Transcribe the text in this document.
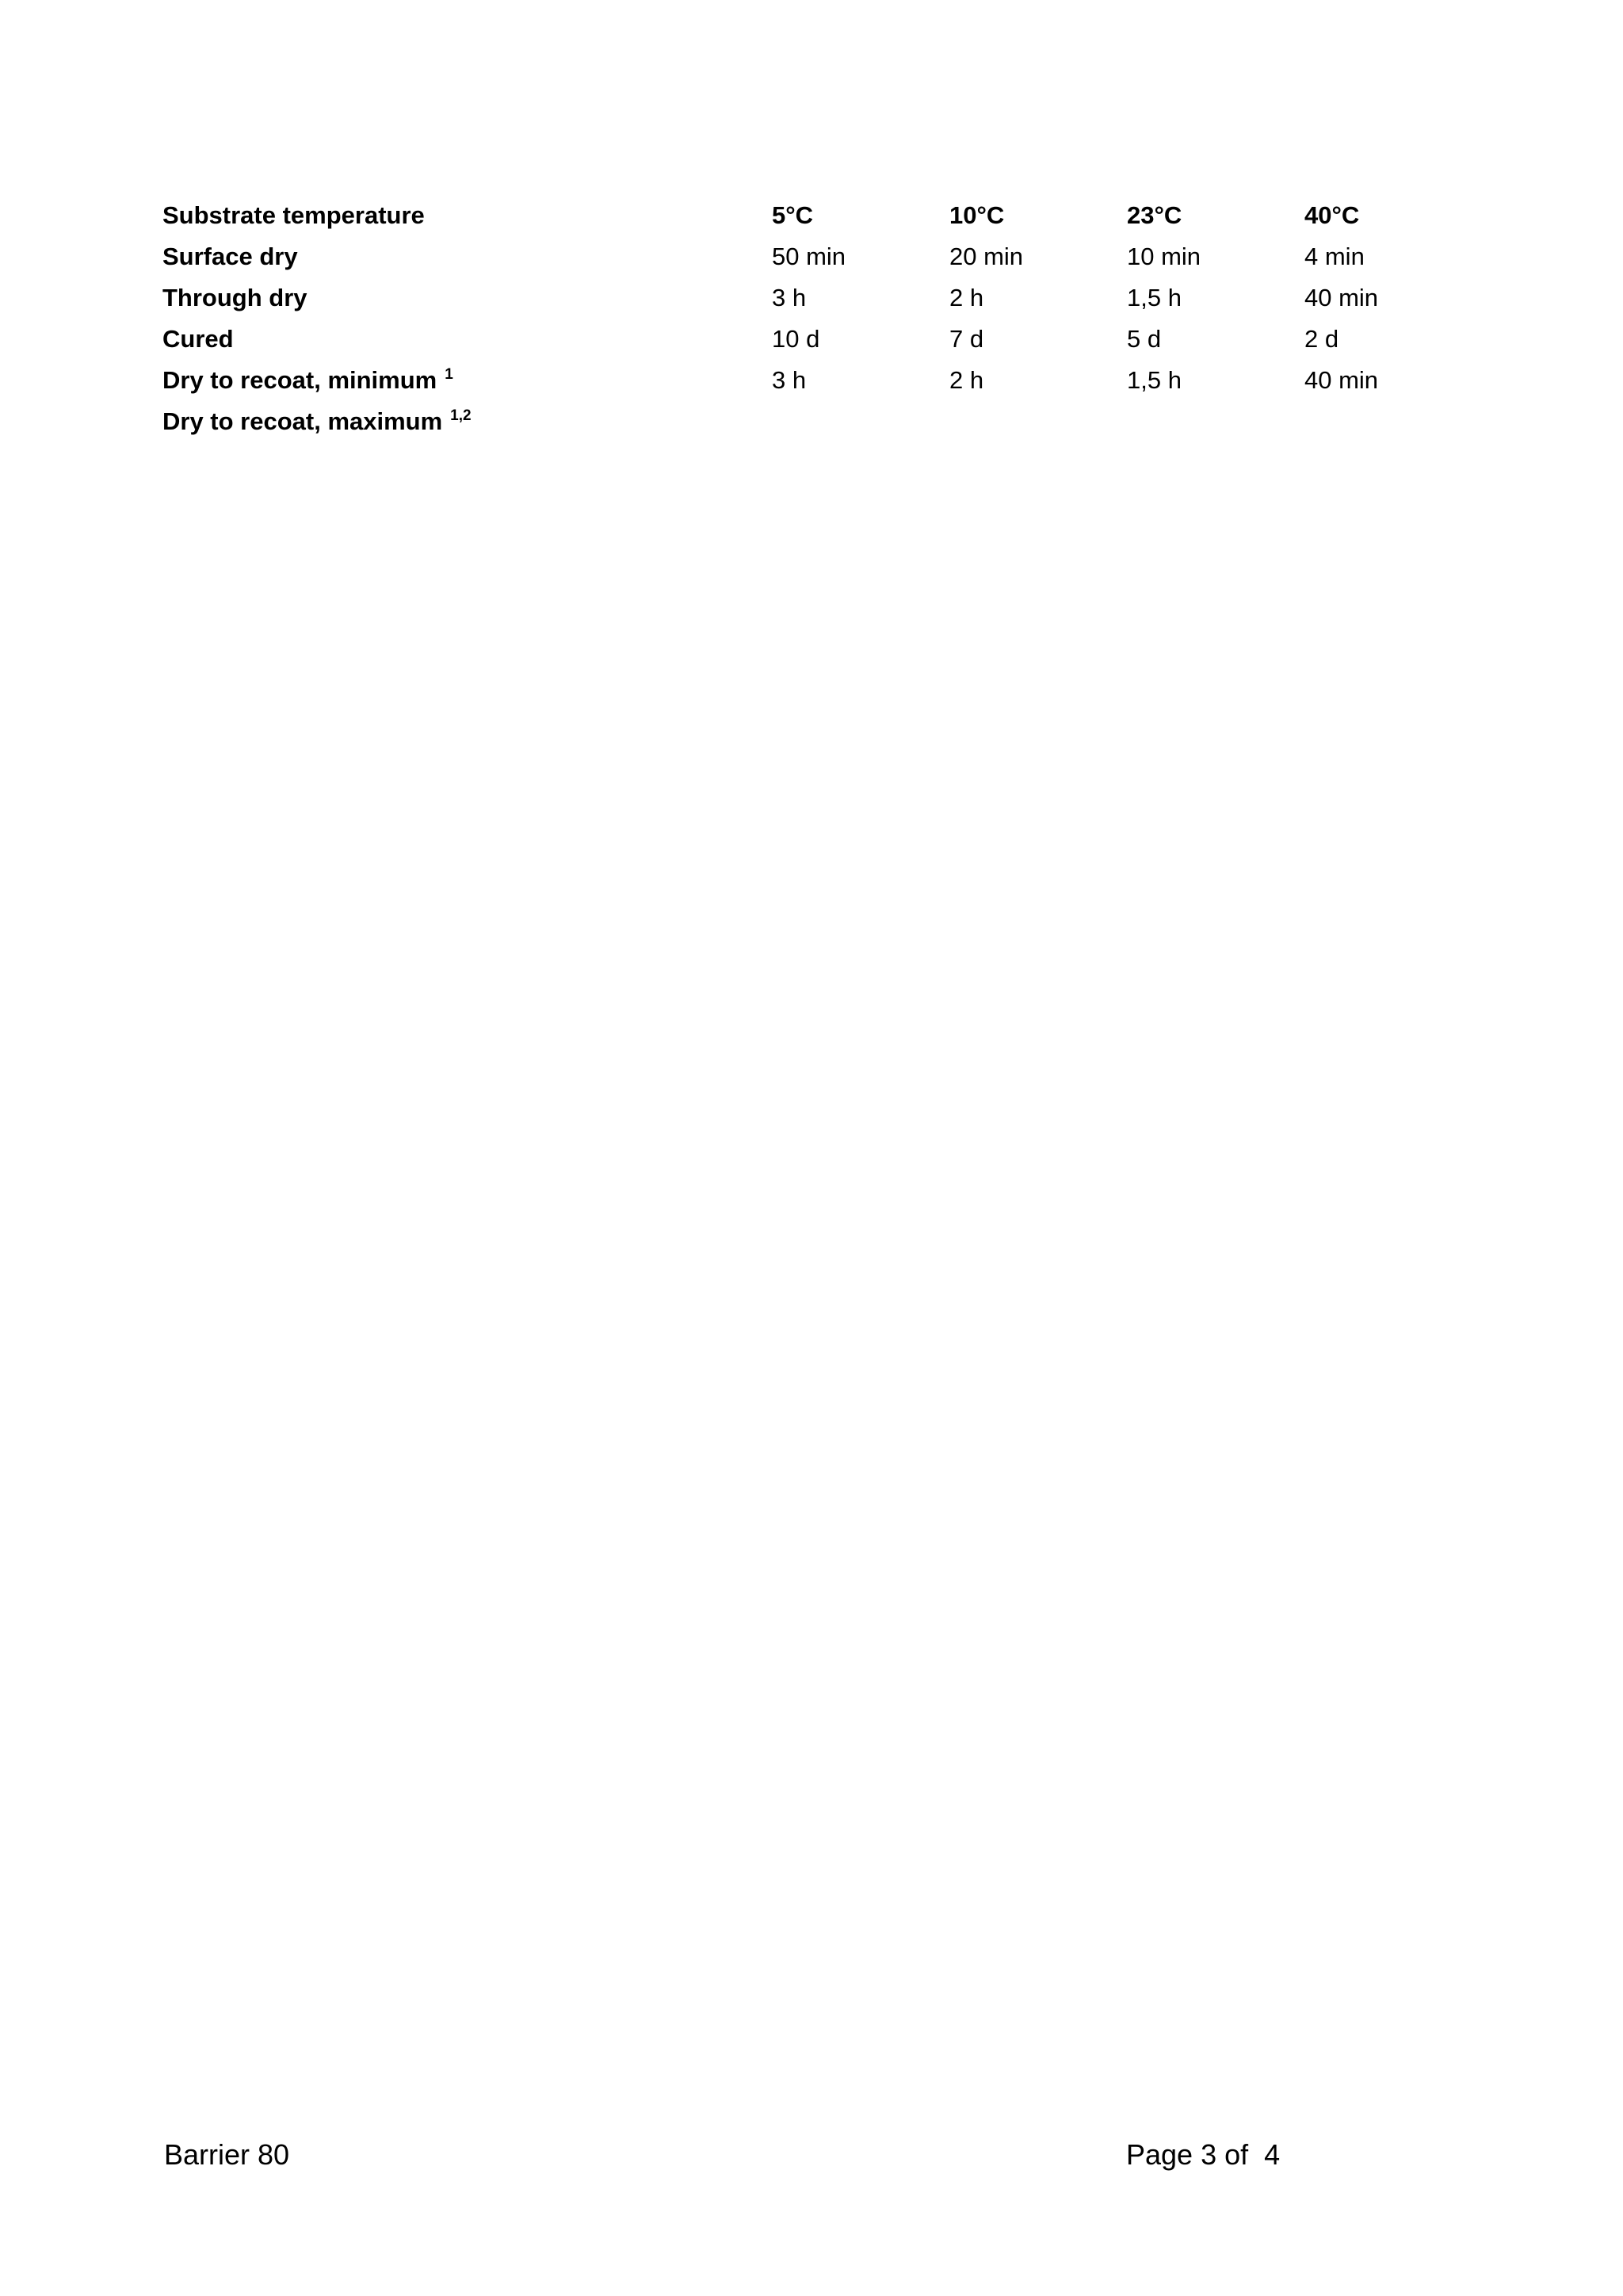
Substrate temperature	5°C	10°C	23°C	40°C
Surface dry	50 min	20 min	10 min	4 min
Through dry	3 h	2 h	1,5 h	40 min
Cured	10 d	7 d	5 d	2 d
Dry to recoat, minimum $^1$	3 h	2 h	1,5 h	40 min
Dry to recoat, maximum $^{1,2}$				
Barrier 80	Page 3 of  4
